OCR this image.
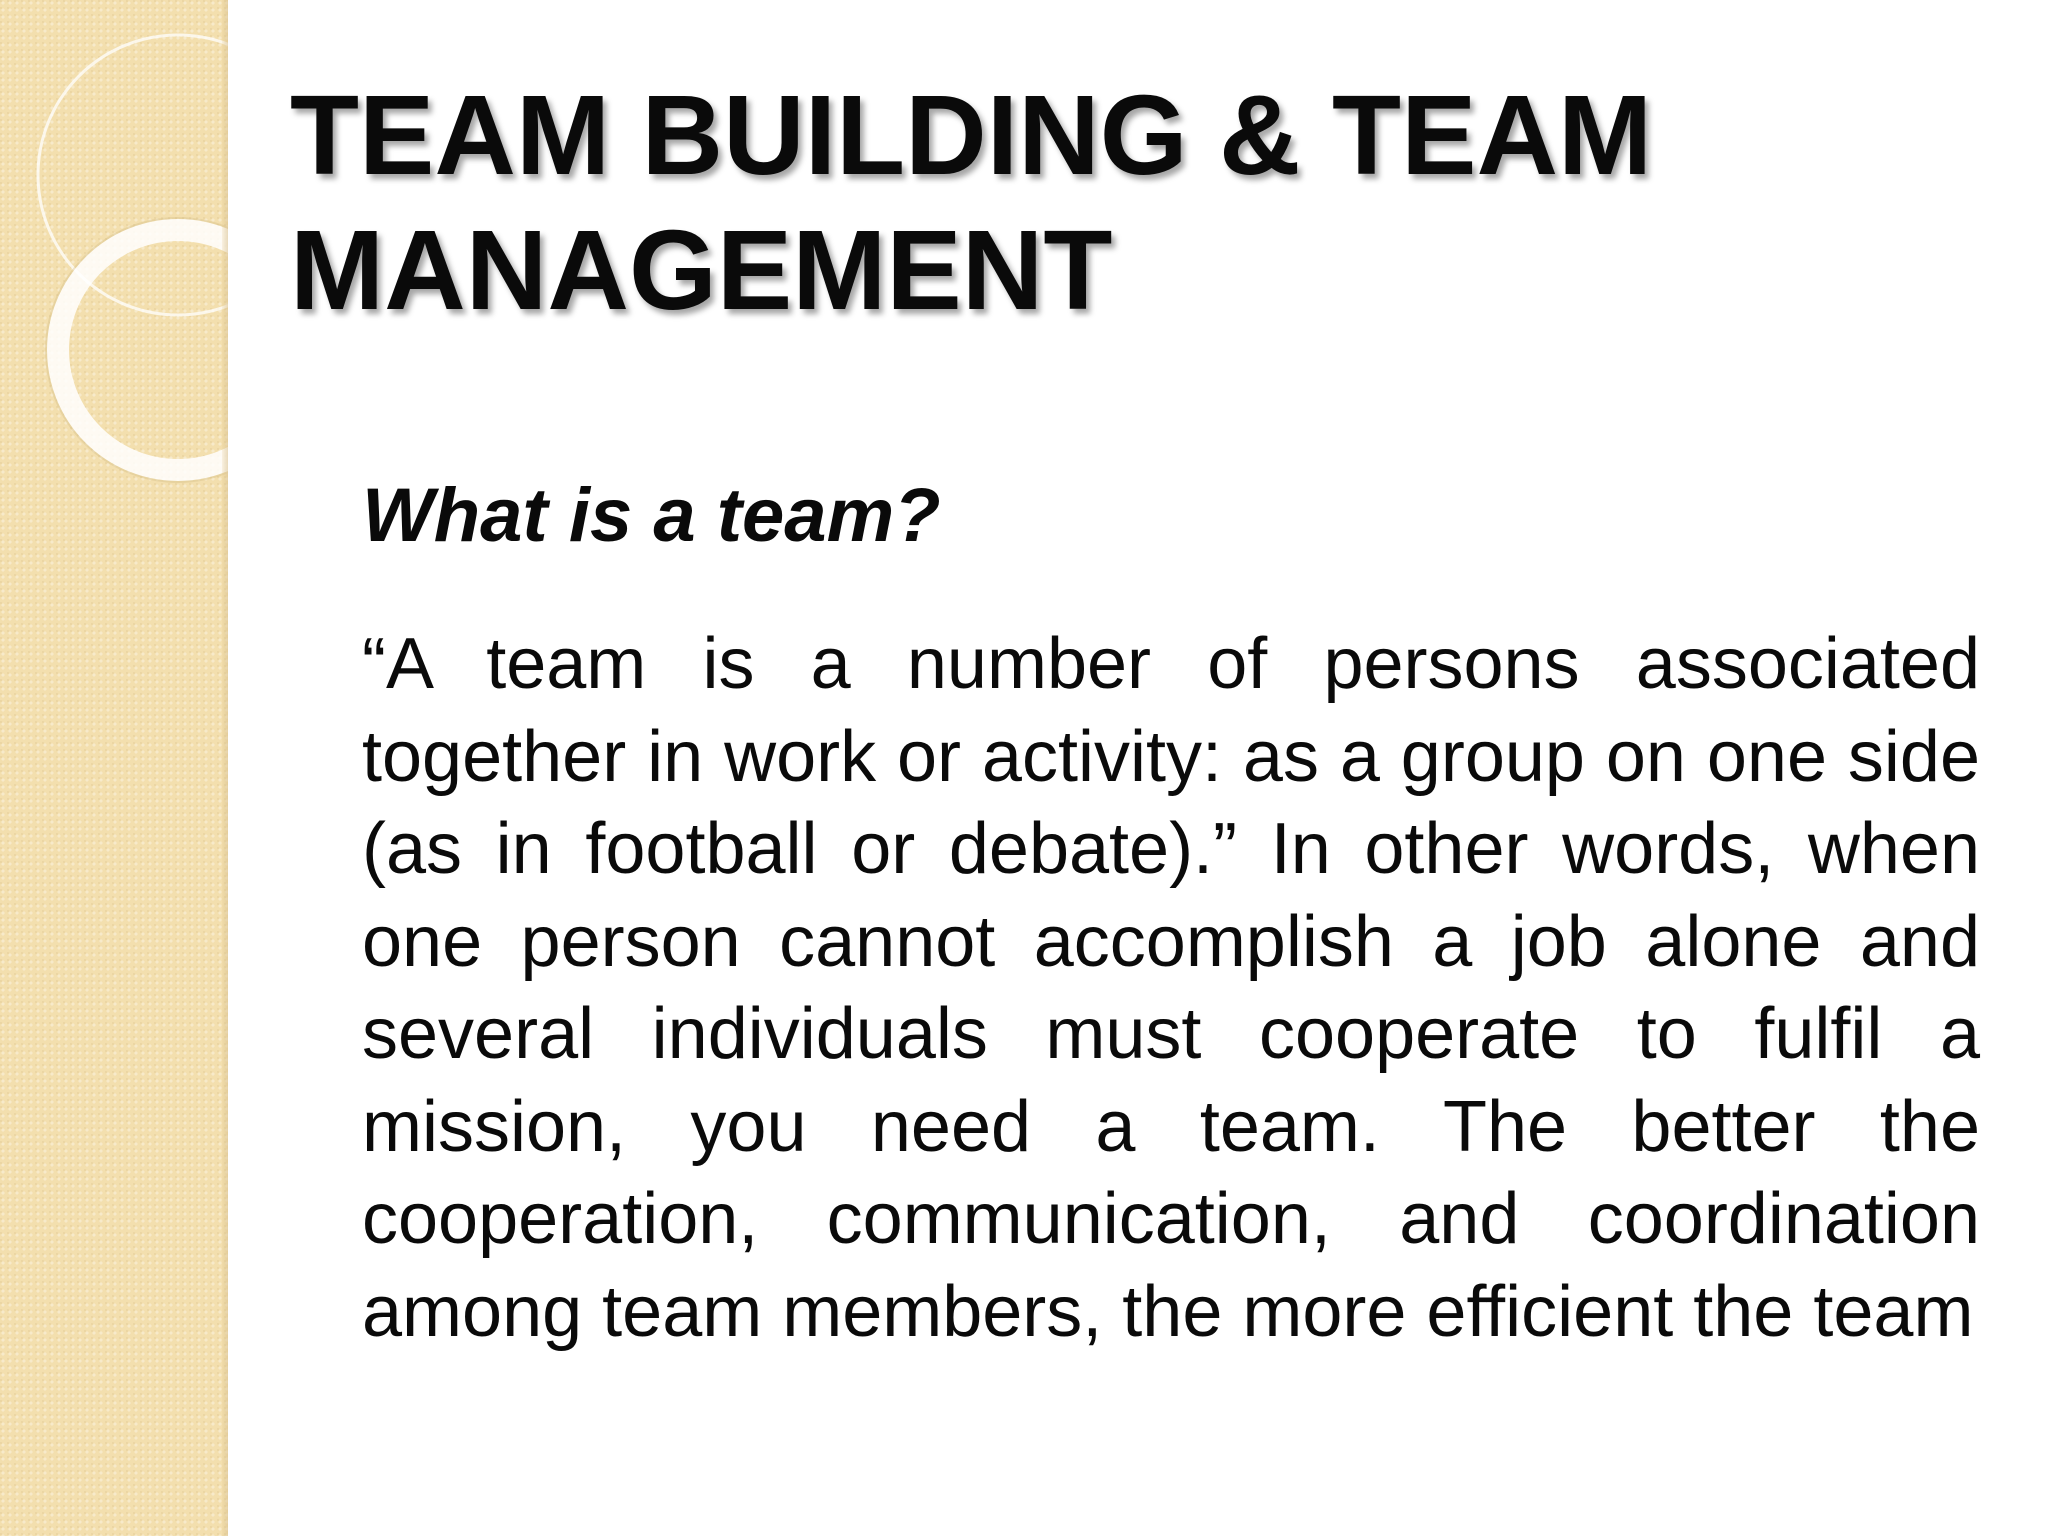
TEAM BUILDING & TEAM MANAGEMENT
What is a team?

“A team is a number of persons associated together in work or activity: as a group on one side (as in football or debate).” In other words, when one person cannot accomplish a job alone and several individuals must cooperate to fulfil a mission, you need a team. The better the cooperation, communication, and coordination among team members, the more efficient the team
